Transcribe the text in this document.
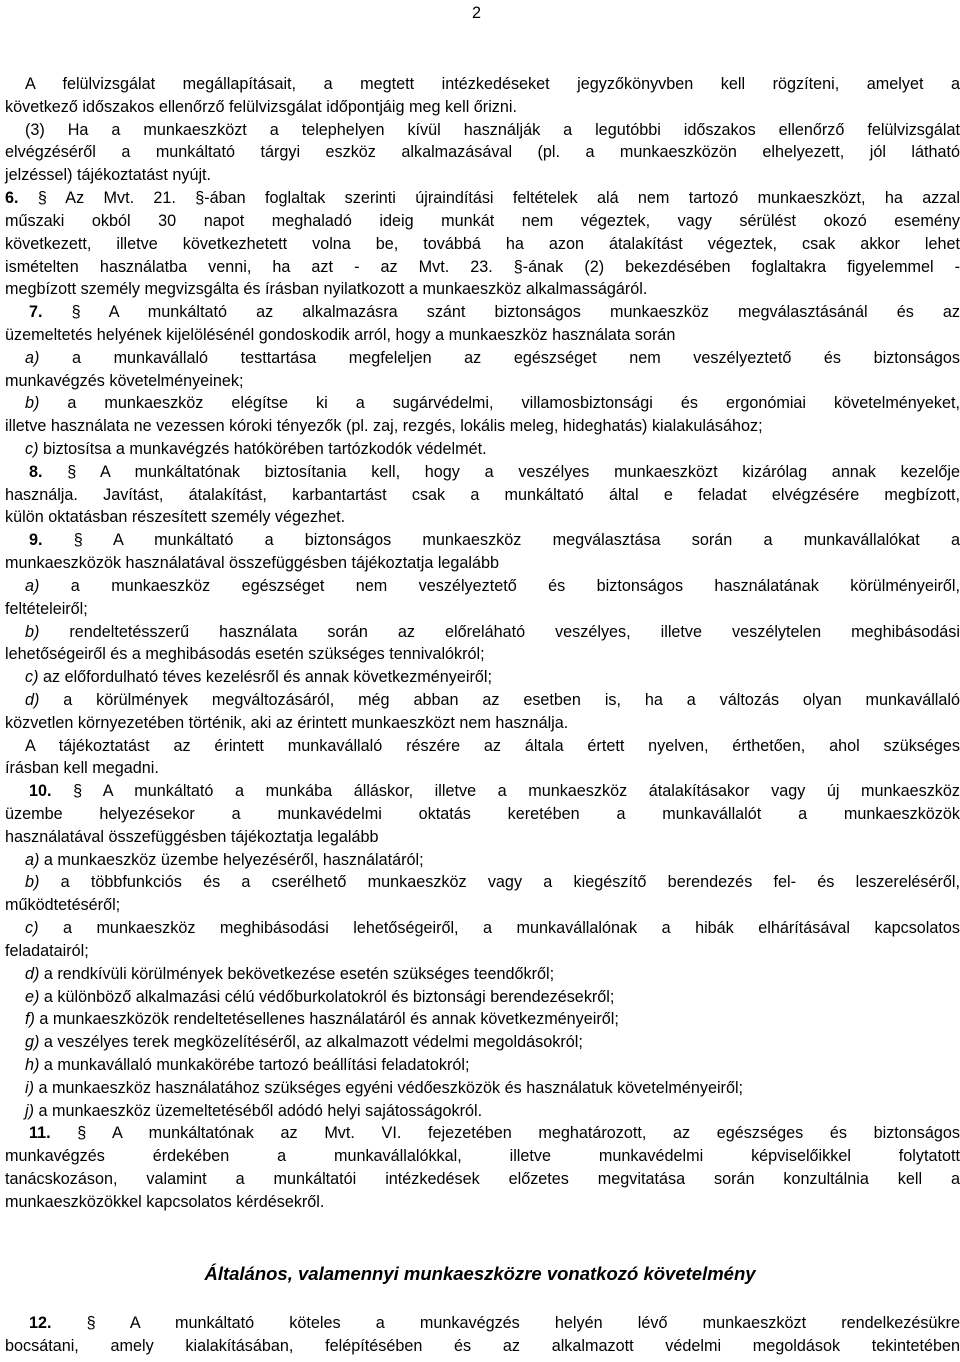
2
A felülvizsgálat megállapításait, a megtett intézkedéseket jegyzőkönyvben kell rögzíteni, amelyet a
következő időszakos ellenőrző felülvizsgálat időpontjáig meg kell őrizni.
(3) Ha a munkaeszközt a telephelyen kívül használják a legutóbbi időszakos ellenőrző felülvizsgálat
elvégzéséről a munkáltató tárgyi eszköz alkalmazásával (pl. a munkaeszközön elhelyezett, jól látható
jelzéssel) tájékoztatást nyújt.
6. § Az Mvt. 21. §-ában foglaltak szerinti újraindítási feltételek alá nem tartozó munkaeszközt, ha azzal
műszaki okból 30 napot meghaladó ideig munkát nem végeztek, vagy sérülést okozó esemény
következett, illetve következhetett volna be, továbbá ha azon átalakítást végeztek, csak akkor lehet
ismételten használatba venni, ha azt - az Mvt. 23. §-ának (2) bekezdésében foglaltakra figyelemmel -
megbízott személy megvizsgálta és írásban nyilatkozott a munkaeszköz alkalmasságáról.
7. § A munkáltató az alkalmazásra szánt biztonságos munkaeszköz megválasztásánál és az
üzemeltetés helyének kijelölésénél gondoskodik arról, hogy a munkaeszköz használata során
a) a munkavállaló testtartása megfeleljen az egészséget nem veszélyeztető és biztonságos
munkavégzés követelményeinek;
b) a munkaeszköz elégítse ki a sugárvédelmi, villamosbiztonsági és ergonómiai követelményeket,
illetve használata ne vezessen kóroki tényezők (pl. zaj, rezgés, lokális meleg, hideghatás) kialakulásához;
c) biztosítsa a munkavégzés hatókörében tartózkodók védelmét.
8. § A munkáltatónak biztosítania kell, hogy a veszélyes munkaeszközt kizárólag annak kezelője
használja. Javítást, átalakítást, karbantartást csak a munkáltató által e feladat elvégzésére megbízott,
külön oktatásban részesített személy végezhet.
9. § A munkáltató a biztonságos munkaeszköz megválasztása során a munkavállalókat a
munkaeszközök használatával összefüggésben tájékoztatja legalább
a) a munkaeszköz egészséget nem veszélyeztető és biztonságos használatának körülményeiről,
feltételeiről;
b) rendeltetésszerű használata során az előreláható veszélyes, illetve veszélytelen meghibásodási
lehetőségeiről és a meghibásodás esetén szükséges tennivalókról;
c) az előfordulható téves kezelésről és annak következményeiről;
d) a körülmények megváltozásáról, még abban az esetben is, ha a változás olyan munkavállaló
közvetlen környezetében történik, aki az érintett munkaeszközt nem használja.
A tájékoztatást az érintett munkavállaló részére az általa értett nyelven, érthetően, ahol szükséges
írásban kell megadni.
10. § A munkáltató a munkába álláskor, illetve a munkaeszköz átalakításakor vagy új munkaeszköz
üzembe helyezésekor a munkavédelmi oktatás keretében a munkavállalót a munkaeszközök
használatával összefüggésben tájékoztatja legalább
a) a munkaeszköz üzembe helyezéséről, használatáról;
b) a többfunkciós és a cserélhető munkaeszköz vagy a kiegészítő berendezés fel- és leszereléséről,
működtetéséről;
c) a munkaeszköz meghibásodási lehetőségeiről, a munkavállalónak a hibák elhárításával kapcsolatos
feladatairól;
d) a rendkívüli körülmények bekövetkezése esetén szükséges teendőkről;
e) a különböző alkalmazási célú védőburkolatokról és biztonsági berendezésekről;
f) a munkaeszközök rendeltetésellenes használatáról és annak következményeiről;
g) a veszélyes terek megközelítéséről, az alkalmazott védelmi megoldásokról;
h) a munkavállaló munkakörébe tartozó beállítási feladatokról;
i) a munkaeszköz használatához szükséges egyéni védőeszközök és használatuk követelményeiről;
j) a munkaeszköz üzemeltetéséből adódó helyi sajátosságokról.
11. § A munkáltatónak az Mvt. VI. fejezetében meghatározott, az egészséges és biztonságos
munkavégzés érdekében a munkavállalókkal, illetve munkavédelmi képviselőikkel folytatott
tanácskozáson, valamint a munkáltatói intézkedések előzetes megvitatása során konzultálnia kell a
munkaeszközökkel kapcsolatos kérdésekről.
Általános, valamennyi munkaeszközre vonatkozó követelmény
12. § A munkáltató köteles a munkavégzés helyén lévő munkaeszközt rendelkezésükre
bocsátani, amely kialakításában, felépítésében és az alkalmazott védelmi megoldások tekintetében
